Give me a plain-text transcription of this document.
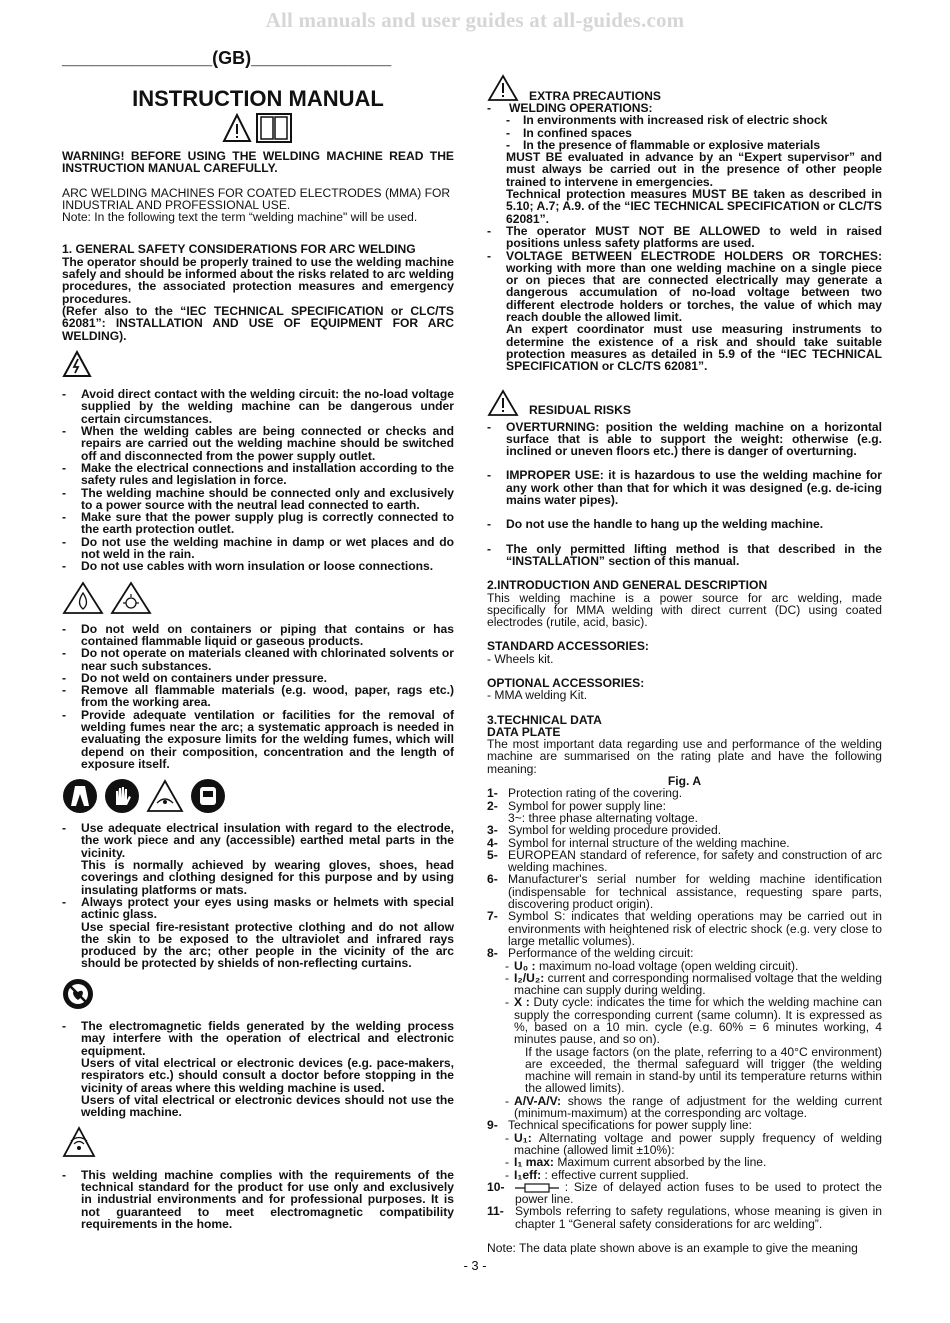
All manuals and user guides at all-guides.com
_______________(GB)______________
INSTRUCTION MANUAL

WARNING! BEFORE USING THE WELDING MACHINE READ THE INSTRUCTION MANUAL CAREFULLY.

ARC WELDING MACHINES FOR COATED ELECTRODES (MMA) FOR INDUSTRIAL AND PROFESSIONAL USE.

Note: In the following text the term “welding machine" will be used.

1. GENERAL SAFETY CONSIDERATIONS FOR ARC WELDING

The operator should be properly trained to use the welding machine safely and should be informed about the risks related to arc welding procedures, the associated protection measures and emergency procedures.

(Refer also to the “IEC TECHNICAL SPECIFICATION or CLC/TS 62081”: INSTALLATION AND USE OF EQUIPMENT FOR ARC WELDING).

- Avoid direct contact with the welding circuit: the no-load voltage supplied by the welding machine can be dangerous under certain circumstances.
- When the welding cables are being connected or checks and repairs are carried out the welding machine should be switched off and disconnected from the power supply outlet.
- Make the electrical connections and installation according to the safety rules and legislation in force.
- The welding machine should be connected only and exclusively to a power source with the neutral lead connected to earth.
- Make sure that the power supply plug is correctly connected to the earth protection outlet.
- Do not use the welding machine in damp or wet places and do not weld in the rain.
- Do not use cables with worn insulation or loose connections.
- Do not weld on containers or piping that contains or has contained flammable liquid or gaseous products.
- Do not operate on materials cleaned with chlorinated solvents or near such substances.
- Do not weld on containers under pressure.
- Remove all flammable materials (e.g. wood, paper, rags etc.) from the working area.
- Provide adequate ventilation or facilities for the removal of welding fumes near the arc; a systematic approach is needed in evaluating the exposure limits for the welding fumes, which will depend on their composition, concentration and the length of exposure itself.
- Use adequate electrical insulation with regard to the electrode, the work piece and any (accessible) earthed metal parts in the vicinity.

This is normally achieved by wearing gloves, shoes, head coverings and clothing designed for this purpose and by using insulating platforms or mats.

- Always protect your eyes using masks or helmets with special actinic glass.

Use special fire-resistant protective clothing and do not allow the skin to be exposed to the ultraviolet and infrared rays produced by the arc; other people in the vicinity of the arc should be protected by shields of non-reflecting curtains.

- The electromagnetic fields generated by the welding process may interfere with the operation of electrical and electronic equipment.

Users of vital electrical or electronic devices (e.g. pace-makers, respirators etc.) should consult a doctor before stopping in the vicinity of areas where this welding machine is used.

Users of vital electrical or electronic devices should not use the welding machine.

- This welding machine complies with the requirements of the technical standard for the product for use only and exclusively in industrial environments and for professional purposes. It is not guaranteed to meet electromagnetic compatibility requirements in the home.
EXTRA PRECAUTIONS
- WELDING OPERATIONS:
- In environments with increased risk of electric shock
- In confined spaces
- In the presence of flammable or explosive materials

MUST BE evaluated in advance by an “Expert supervisor” and must always be carried out in the presence of other people trained to intervene in emergencies.

Technical protection measures MUST BE taken as described in 5.10; A.7; A.9. of the “IEC TECHNICAL SPECIFICATION or CLC/TS 62081”.

- The operator MUST NOT BE ALLOWED to weld in raised positions unless safety platforms are used.
- VOLTAGE BETWEEN ELECTRODE HOLDERS OR TORCHES: working with more than one welding machine on a single piece or on pieces that are connected electrically may generate a dangerous accumulation of no-load voltage between two different electrode holders or torches, the value of which may reach double the allowed limit.

An expert coordinator must use measuring instruments to determine the existence of a risk and should take suitable protection measures as detailed in 5.9 of the “IEC TECHNICAL SPECIFICATION or CLC/TS 62081”.

RESIDUAL RISKS
- OVERTURNING: position the welding machine on a horizontal surface that is able to support the weight: otherwise (e.g. inclined or uneven floors etc.) there is danger of overturning.
- IMPROPER USE: it is hazardous to use the welding machine for any work other than that for which it was designed (e.g. de-icing mains water pipes).
- Do not use the handle to hang up the welding machine.
- The only permitted lifting method is that described in the “INSTALLATION” section of this manual.

2.INTRODUCTION AND GENERAL DESCRIPTION

This welding machine is a power source for arc welding, made specifically for MMA welding with direct current (DC) using coated electrodes (rutile, acid, basic).

STANDARD ACCESSORIES:

- Wheels kit.

OPTIONAL ACCESSORIES:

- MMA welding Kit.

3.TECHNICAL DATA

DATA PLATE

The most important data regarding use and performance of the welding machine are summarised on the rating plate and have the following meaning:

Fig. A

1- Protection rating of the covering.
2- Symbol for power supply line:
3~: three phase alternating voltage.
3- Symbol for welding procedure provided.
4- Symbol for internal structure of the welding machine.
5- EUROPEAN standard of reference, for safety and construction of arc welding machines.
6- Manufacturer's serial number for welding machine identification (indispensable for technical assistance, requesting spare parts, discovering product origin).
7- Symbol S: indicates that welding operations may be carried out in environments with heightened risk of electric shock (e.g. very close to large metallic volumes).
8- Performance of the welding circuit:
- U₀ : maximum no-load voltage (open welding circuit).
- I₂/U₂: current and corresponding normalised voltage that the welding machine can supply during welding.
- X : Duty cycle: indicates the time for which the welding machine can supply the corresponding current (same column). It is expressed as %, based on a 10 min. cycle (e.g. 60% = 6 minutes working, 4 minutes pause, and so on).

If the usage factors (on the plate, referring to a 40°C environment) are exceeded, the thermal safeguard will trigger (the welding machine will remain in stand-by until its temperature returns within the allowed limits).

- A/V-A/V: shows the range of adjustment for the welding current (minimum-maximum) at the corresponding arc voltage.
9- Technical specifications for power supply line:
- U₁: Alternating voltage and power supply frequency of welding machine (allowed limit ±10%):
- I₁ max: Maximum current absorbed by the line.
- I₁eff: : effective current supplied.
10-	: Size of delayed action fuses to be used to protect the power line.
11- Symbols referring to safety regulations, whose meaning is given in chapter 1 “General safety considerations for arc welding”.

Note: The data plate shown above is an example to give the meaning

- 3 -
